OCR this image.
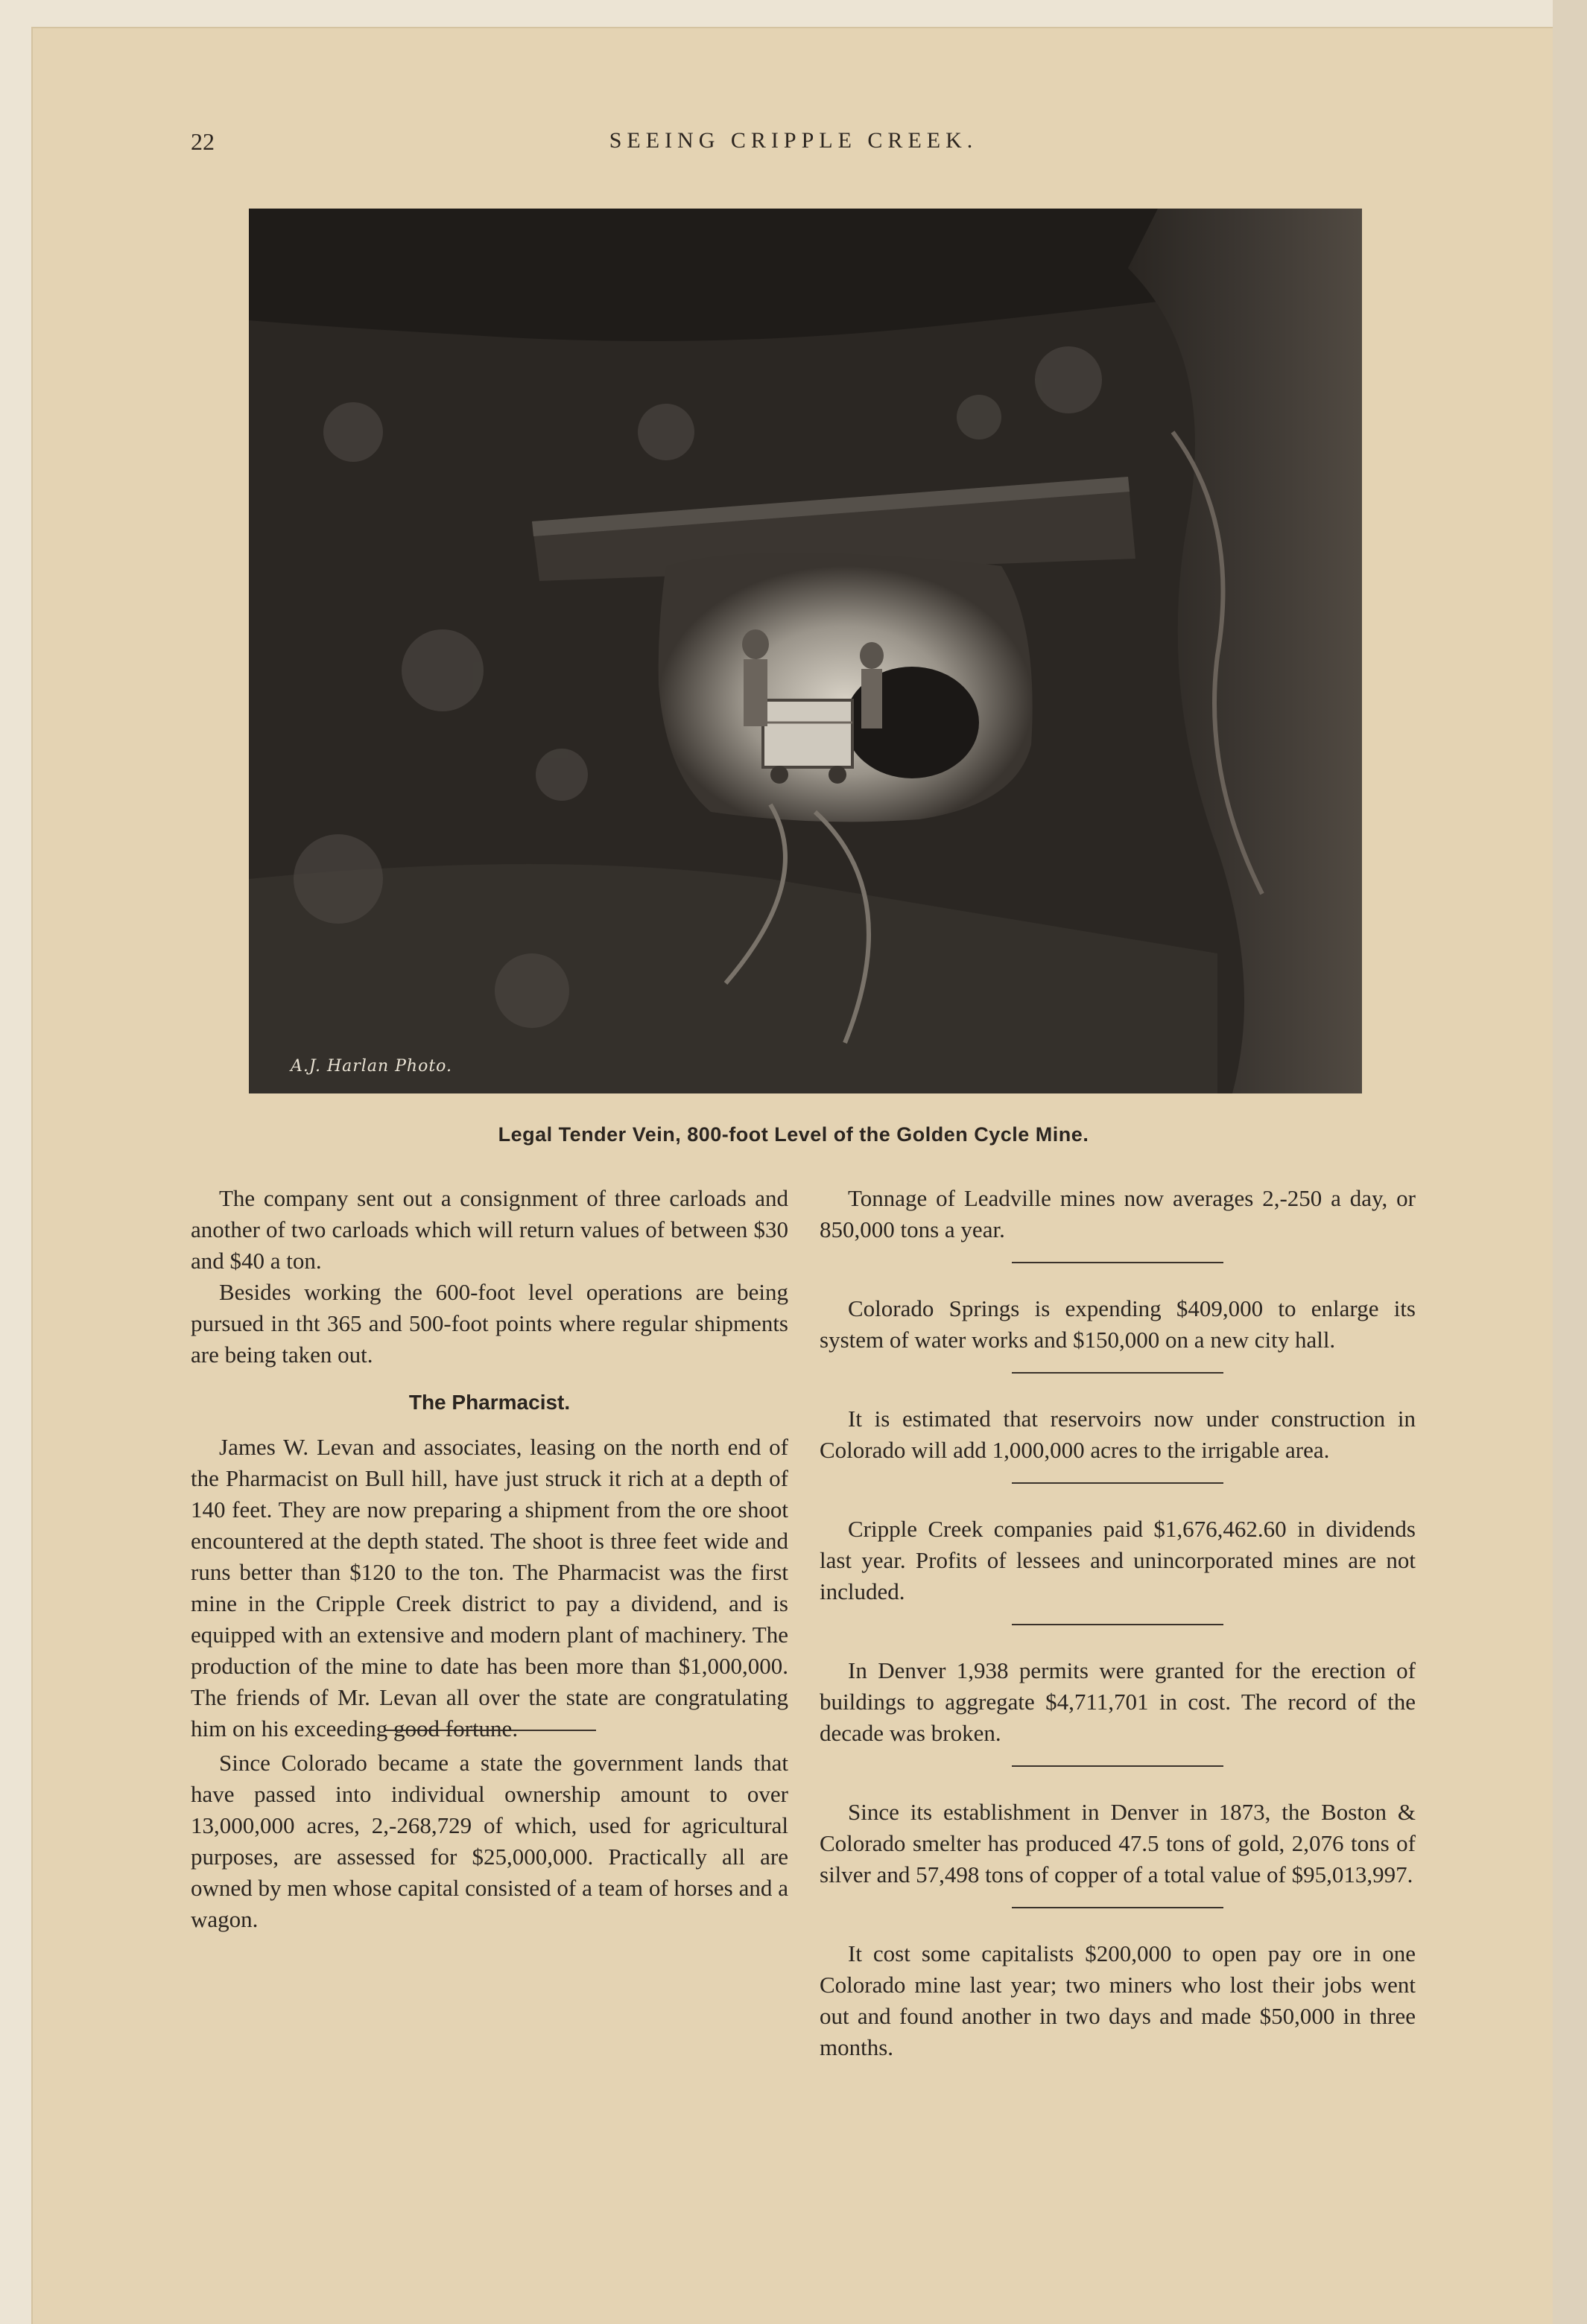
22	SEEING CRIPPLE CREEK.
A.J. Harlan Photo.
Legal Tender Vein, 800-foot Level of the Golden Cycle Mine.

The company sent out a consignment of three carloads and another of two carloads which will return values of between $30 and $40 a ton.

Besides working the 600-foot level operations are being pursued in tht 365 and 500-foot points where regular shipments are being taken out.

The Pharmacist.

James W. Levan and associates, leasing on the north end of the Pharmacist on Bull hill, have just struck it rich at a depth of 140 feet. They are now preparing a shipment from the ore shoot encountered at the depth stated. The shoot is three feet wide and runs better than $120 to the ton. The Pharmacist was the first mine in the Cripple Creek district to pay a dividend, and is equipped with an extensive and modern plant of machinery. The production of the mine to date has been more than $1,000,000. The friends of Mr. Levan all over the state are congratulating him on his exceeding good fortune.

Since Colorado became a state the government lands that have passed into individual ownership amount to over 13,000,000 acres, 2,-268,729 of which, used for agricultural purposes, are assessed for $25,000,000. Practically all are owned by men whose capital consisted of a team of horses and a wagon.

Tonnage of Leadville mines now averages 2,-250 a day, or 850,000 tons a year.

Colorado Springs is expending $409,000 to enlarge its system of water works and $150,000 on a new city hall.

It is estimated that reservoirs now under construction in Colorado will add 1,000,000 acres to the irrigable area.

Cripple Creek companies paid $1,676,462.60 in dividends last year. Profits of lessees and unincorporated mines are not included.

In Denver 1,938 permits were granted for the erection of buildings to aggregate $4,711,701 in cost. The record of the decade was broken.

Since its establishment in Denver in 1873, the Boston & Colorado smelter has produced 47.5 tons of gold, 2,076 tons of silver and 57,498 tons of copper of a total value of $95,013,997.

It cost some capitalists $200,000 to open pay ore in one Colorado mine last year; two miners who lost their jobs went out and found another in two days and made $50,000 in three months.
